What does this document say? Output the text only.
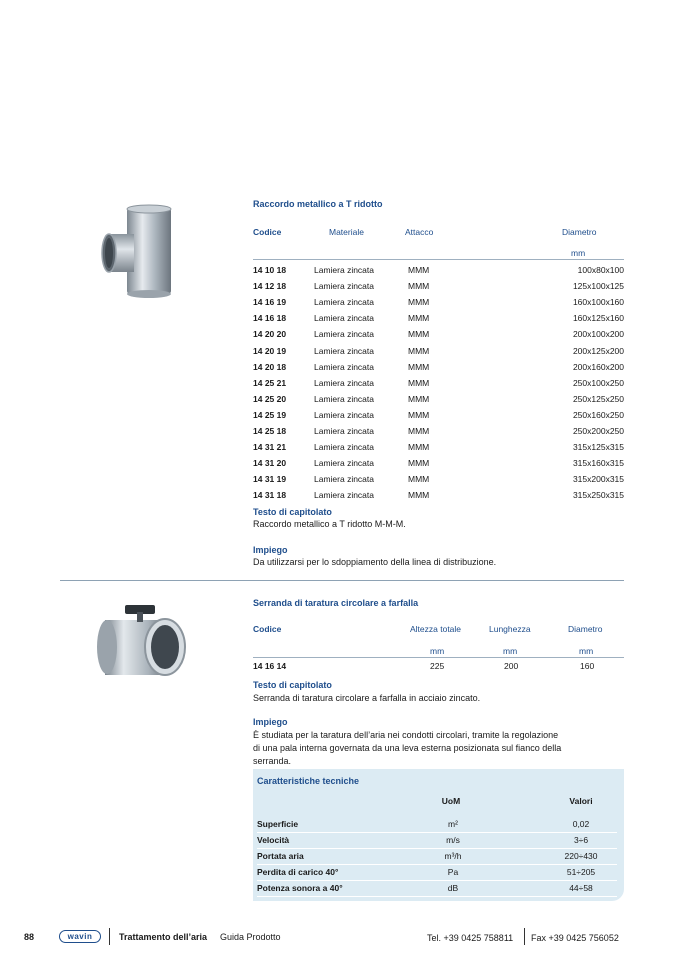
Raccordo metallico a T ridotto
Codice	Materiale	Attacco	Diametro
mm
14 10 18	Lamiera zincata	MMM	100x80x100
14 12 18	Lamiera zincata	MMM	125x100x125
14 16 19	Lamiera zincata	MMM	160x100x160
14 16 18	Lamiera zincata	MMM	160x125x160
14 20 20	Lamiera zincata	MMM	200x100x200
14 20 19	Lamiera zincata	MMM	200x125x200
14 20 18	Lamiera zincata	MMM	200x160x200
14 25 21	Lamiera zincata	MMM	250x100x250
14 25 20	Lamiera zincata	MMM	250x125x250
14 25 19	Lamiera zincata	MMM	250x160x250
14 25 18	Lamiera zincata	MMM	250x200x250
14 31 21	Lamiera zincata	MMM	315x125x315
14 31 20	Lamiera zincata	MMM	315x160x315
14 31 19	Lamiera zincata	MMM	315x200x315
14 31 18	Lamiera zincata	MMM	315x250x315
Testo di capitolato
Raccordo metallico a T ridotto M-M-M.
Impiego
Da utilizzarsi per lo sdoppiamento della linea di distribuzione.
Serranda di taratura circolare a farfalla
Codice	Altezza totale	Lunghezza	Diametro
mm	mm	mm
14 16 14	225	200	160
Testo di capitolato
Serranda di taratura circolare a farfalla in acciaio zincato.
Impiego
È studiata per la taratura dell’aria nei condotti circolari, tramite la regolazione
di una pala interna governata da una leva esterna posizionata sul fianco della
serranda.
Caratteristiche tecniche
UoM	Valori
Superficie	m²	0,02
Velocità	m/s	3÷6
Portata aria	m³/h	220÷430
Perdita di carico 40°	Pa	51÷205
Potenza sonora a 40°	dB	44÷58
88	wavin	Trattamento dell’aria Guida Prodotto	Tel. +39 0425 758811 Fax +39 0425 756052
